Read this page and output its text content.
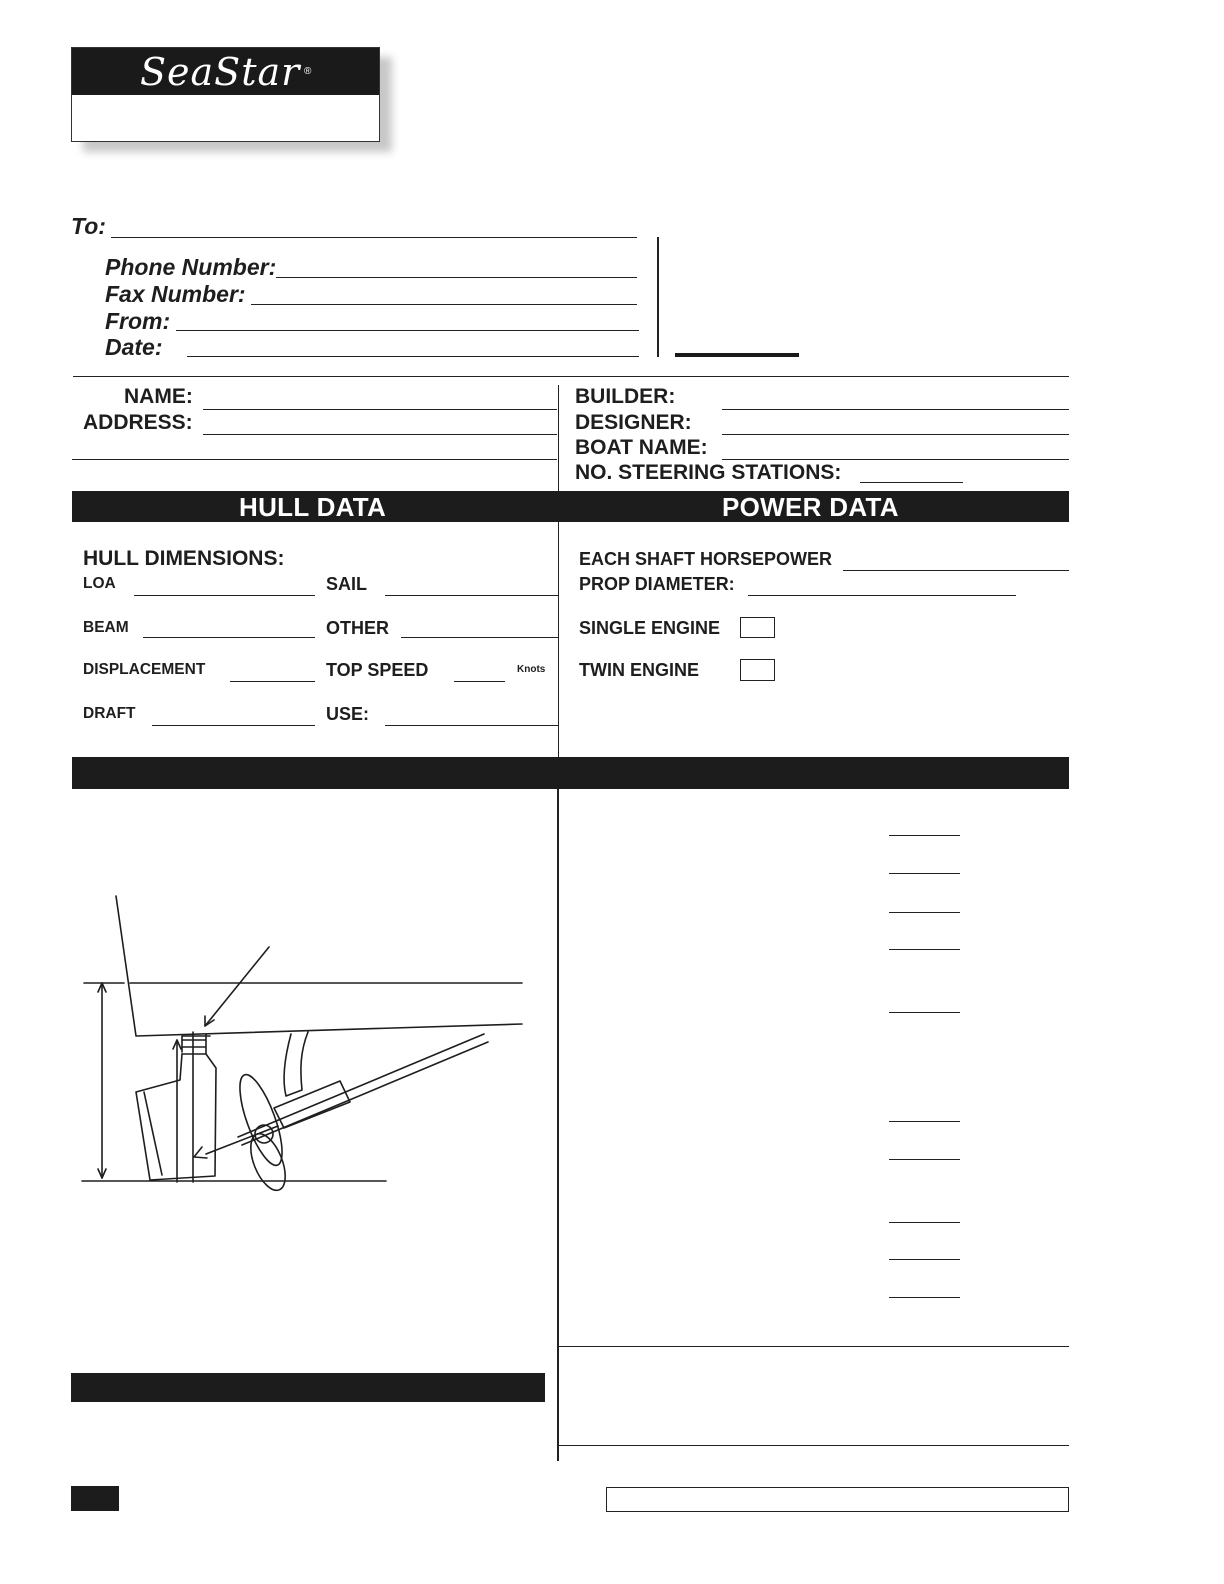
SeaStar ®
To:
Phone Number:
Fax Number:
From:
Date:
NAME:
ADDRESS:
BUILDER:
DESIGNER:
BOAT NAME:
NO. STEERING STATIONS:
HULL DATA	POWER DATA
HULL DIMENSIONS:
LOA	SAIL
BEAM	OTHER
DISPLACEMENT	TOP SPEED	Knots
DRAFT	USE:
EACH SHAFT HORSEPOWER
PROP DIAMETER:
SINGLE ENGINE
TWIN ENGINE
